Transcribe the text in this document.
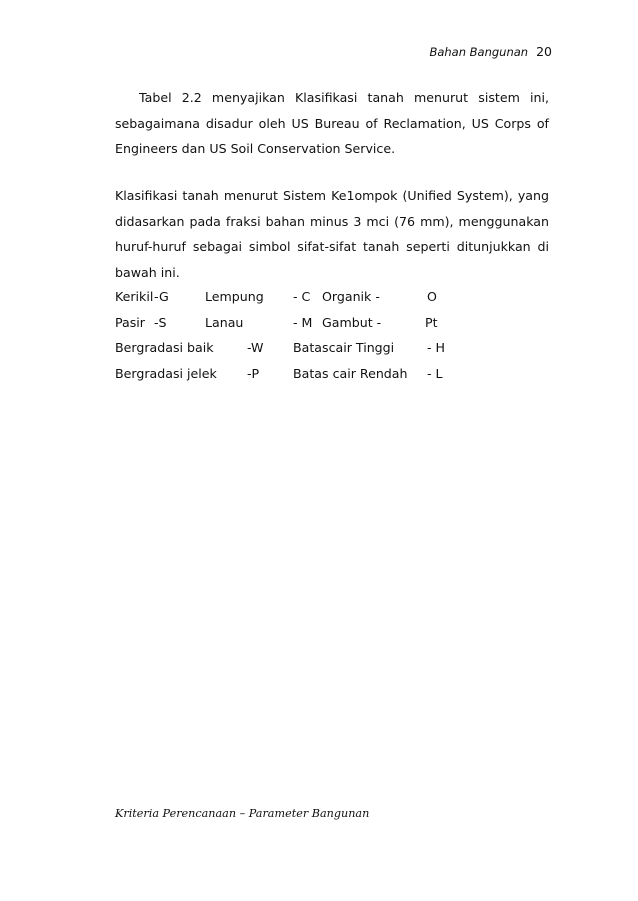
Bahan Bangunan 20

Tabel 2.2 menyajikan Klasifikasi tanah menurut sistem ini, sebagaimana disadur oleh US Bureau of Reclamation, US Corps of Engineers dan US Soil Conservation Service.

Klasifikasi tanah menurut Sistem Ke1ompok (Unified System), yang didasarkan pada fraksi bahan minus 3 mci (76 mm), menggunakan huruf-huruf sebagai simbol sifat-sifat tanah seperti ditunjukkan di bawah ini.

Kerikil -G	Lempung - C Organik -	O
Pasir -S	Lanau	- M Gambut -	Pt
Bergradasi baik	-W Batascair Tinggi	- H
Bergradasi jelek -P	Batas cair Rendah - L
Kriteria Perencanaan – Parameter Bangunan
